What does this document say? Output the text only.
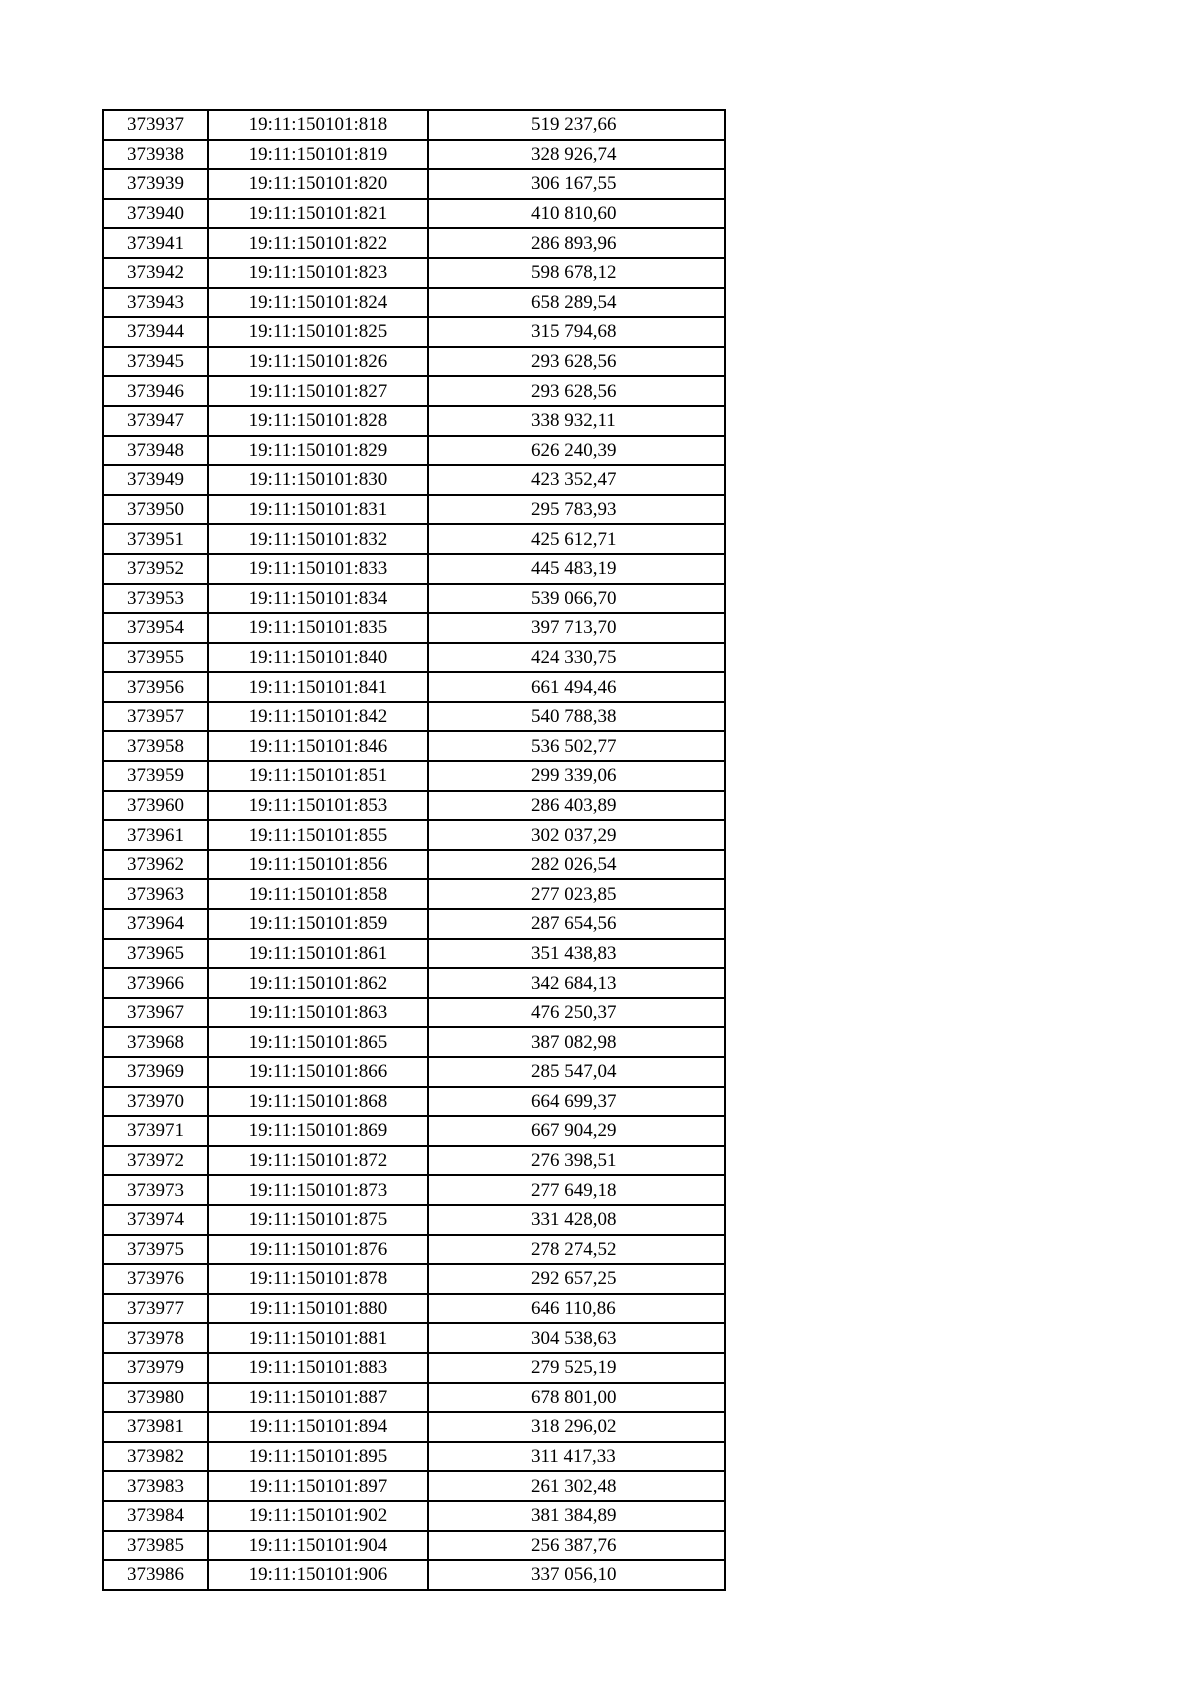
373937	19:11:150101:818	519 237,66
373938	19:11:150101:819	328 926,74
373939	19:11:150101:820	306 167,55
373940	19:11:150101:821	410 810,60
373941	19:11:150101:822	286 893,96
373942	19:11:150101:823	598 678,12
373943	19:11:150101:824	658 289,54
373944	19:11:150101:825	315 794,68
373945	19:11:150101:826	293 628,56
373946	19:11:150101:827	293 628,56
373947	19:11:150101:828	338 932,11
373948	19:11:150101:829	626 240,39
373949	19:11:150101:830	423 352,47
373950	19:11:150101:831	295 783,93
373951	19:11:150101:832	425 612,71
373952	19:11:150101:833	445 483,19
373953	19:11:150101:834	539 066,70
373954	19:11:150101:835	397 713,70
373955	19:11:150101:840	424 330,75
373956	19:11:150101:841	661 494,46
373957	19:11:150101:842	540 788,38
373958	19:11:150101:846	536 502,77
373959	19:11:150101:851	299 339,06
373960	19:11:150101:853	286 403,89
373961	19:11:150101:855	302 037,29
373962	19:11:150101:856	282 026,54
373963	19:11:150101:858	277 023,85
373964	19:11:150101:859	287 654,56
373965	19:11:150101:861	351 438,83
373966	19:11:150101:862	342 684,13
373967	19:11:150101:863	476 250,37
373968	19:11:150101:865	387 082,98
373969	19:11:150101:866	285 547,04
373970	19:11:150101:868	664 699,37
373971	19:11:150101:869	667 904,29
373972	19:11:150101:872	276 398,51
373973	19:11:150101:873	277 649,18
373974	19:11:150101:875	331 428,08
373975	19:11:150101:876	278 274,52
373976	19:11:150101:878	292 657,25
373977	19:11:150101:880	646 110,86
373978	19:11:150101:881	304 538,63
373979	19:11:150101:883	279 525,19
373980	19:11:150101:887	678 801,00
373981	19:11:150101:894	318 296,02
373982	19:11:150101:895	311 417,33
373983	19:11:150101:897	261 302,48
373984	19:11:150101:902	381 384,89
373985	19:11:150101:904	256 387,76
373986	19:11:150101:906	337 056,10
